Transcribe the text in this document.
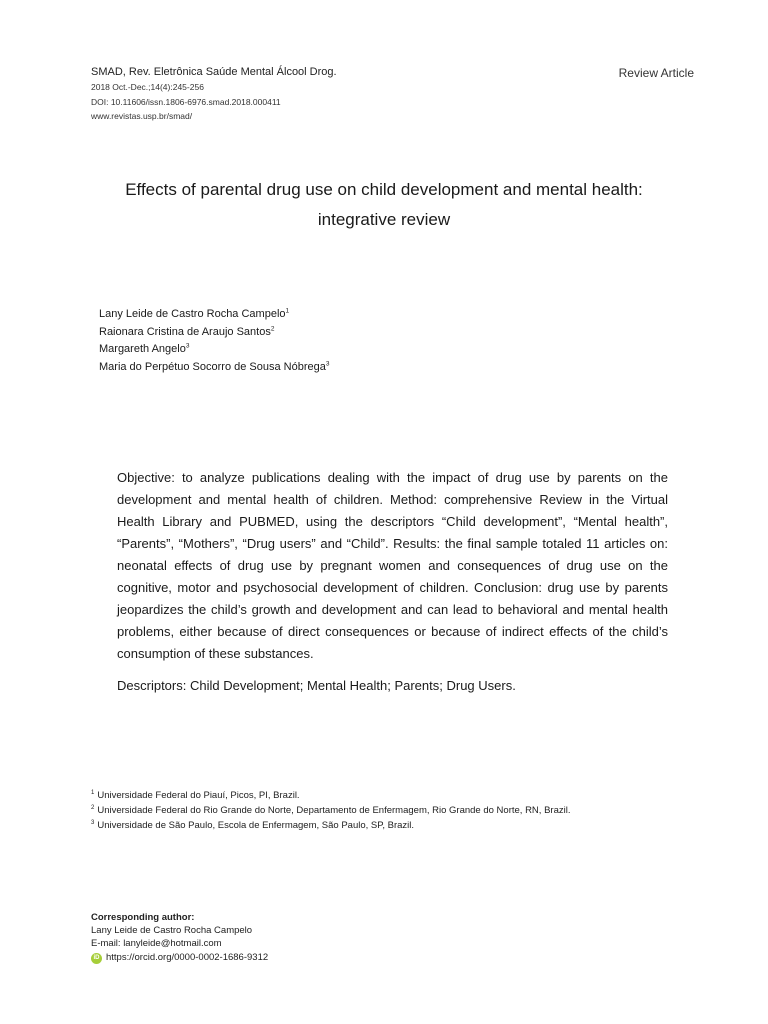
SMAD, Rev. Eletrônica Saúde Mental Álcool Drog.
2018 Oct.-Dec.;14(4):245-256
DOI: 10.11606/issn.1806-6976.smad.2018.000411
www.revistas.usp.br/smad/
Review Article
Effects of parental drug use on child development and mental health:
integrative review
Lany Leide de Castro Rocha Campelo$^1$
Raionara Cristina de Araujo Santos$^2$
Margareth Angelo$^3$
Maria do Perpétuo Socorro de Sousa Nóbrega$^3$

Objective: to analyze publications dealing with the impact of drug use by parents on the development and mental health of children. Method: comprehensive Review in the Virtual Health Library and PUBMED, using the descriptors “Child development”, “Mental health”, “Parents”, “Mothers”, “Drug users” and “Child”. Results: the final sample totaled 11 articles on: neonatal effects of drug use by pregnant women and consequences of drug use on the cognitive, motor and psychosocial development of children. Conclusion: drug use by parents jeopardizes the child’s growth and development and can lead to behavioral and mental health problems, either because of direct consequences or because of indirect effects of the child’s consumption of these substances.

Descriptors: Child Development; Mental Health; Parents; Drug Users.
$^1$ Universidade Federal do Piauí, Picos, PI, Brazil.
$^2$ Universidade Federal do Rio Grande do Norte, Departamento de Enfermagem, Rio Grande do Norte, RN, Brazil.
$^3$ Universidade de São Paulo, Escola de Enfermagem, São Paulo, SP, Brazil.
Corresponding author:
Lany Leide de Castro Rocha Campelo
E-mail: lanyleide@hotmail.com
iD https://orcid.org/0000-0002-1686-9312
